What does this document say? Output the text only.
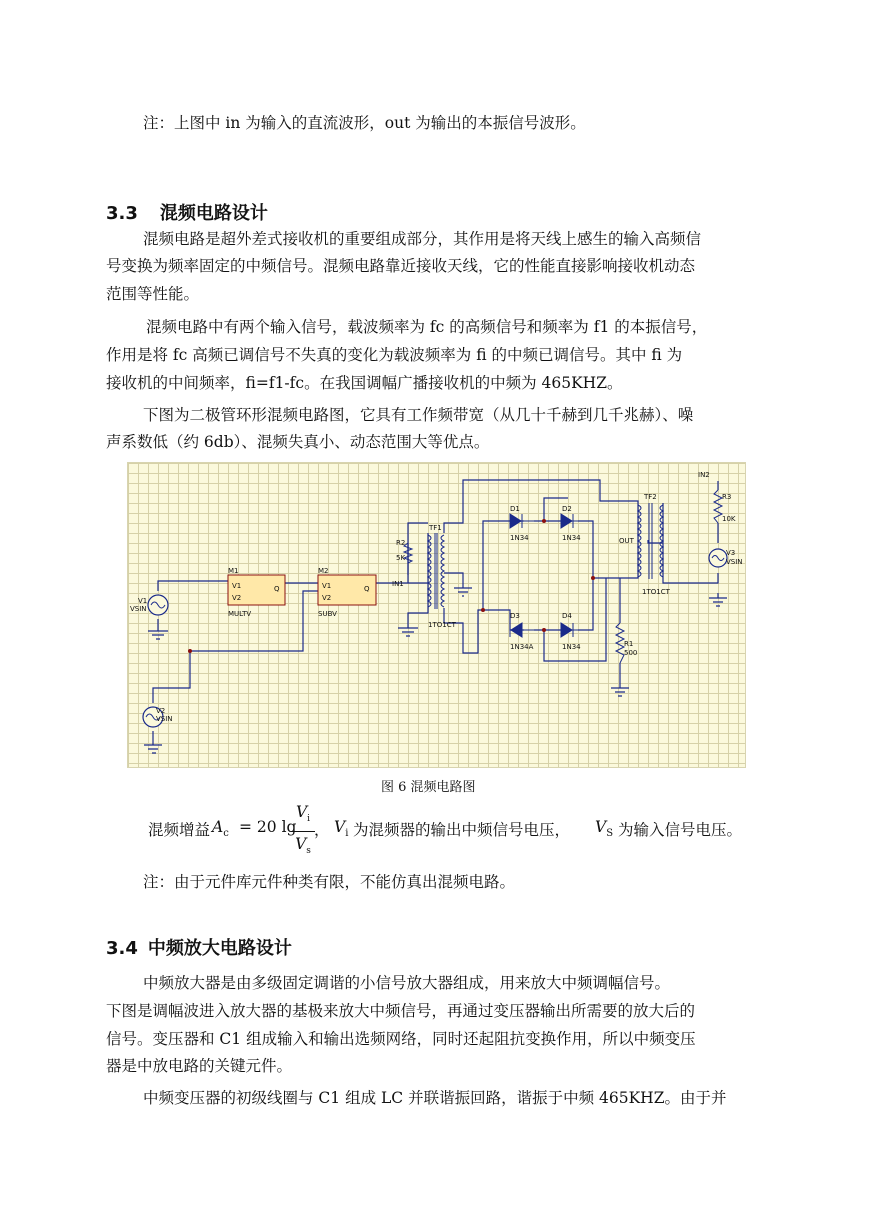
注：上图中 in 为输入的直流波形，out 为输出的本振信号波形。
3.3 混频电路设计
混频电路是超外差式接收机的重要组成部分，其作用是将天线上感生的输入高频信
号变换为频率固定的中频信号。混频电路靠近接收天线，它的性能直接影响接收机动态
范围等性能。
混频电路中有两个输入信号，载波频率为 fc 的高频信号和频率为 f1 的本振信号，
作用是将 fc 高频已调信号不失真的变化为载波频率为 fi 的中频已调信号。其中 fi 为
接收机的中间频率，fi=f1-fc。在我国调幅广播接收机的中频为 465KHZ。
下图为二极管环形混频电路图，它具有工作频带宽（从几十千赫到几千兆赫）、噪
声系数低（约 6db）、混频失真小、动态范围大等优点。
M1
V1
V2
Q
MULTV
M2
V1
V2
Q
SUBV
V1
VSIN
V2
VSIN
V3
VSIN
R2
5K
IN1
TF1
1TO1CT
D1
1N34
D2
1N34
D3
1N34A
D4
1N34
TF2
1TO1CT
OUT
R1
500
R3
10K
IN2
图 6 混频电路图
混频增益 $A_c = 20$ lg
$V_i$
$V_s$
， $V_i$ 为混频器的输出中频信号电压， $V_S$ 为输入信号电压。
注：由于元件库元件种类有限，不能仿真出混频电路。
3.4 中频放大电路设计
中频放大器是由多级固定调谐的小信号放大器组成，用来放大中频调幅信号。
下图是调幅波进入放大器的基极来放大中频信号，再通过变压器输出所需要的放大后的
信号。变压器和 C1 组成输入和输出选频网络，同时还起阻抗变换作用，所以中频变压
器是中放电路的关键元件。
中频变压器的初级线圈与 C1 组成 LC 并联谐振回路，谐振于中频 465KHZ。由于并
